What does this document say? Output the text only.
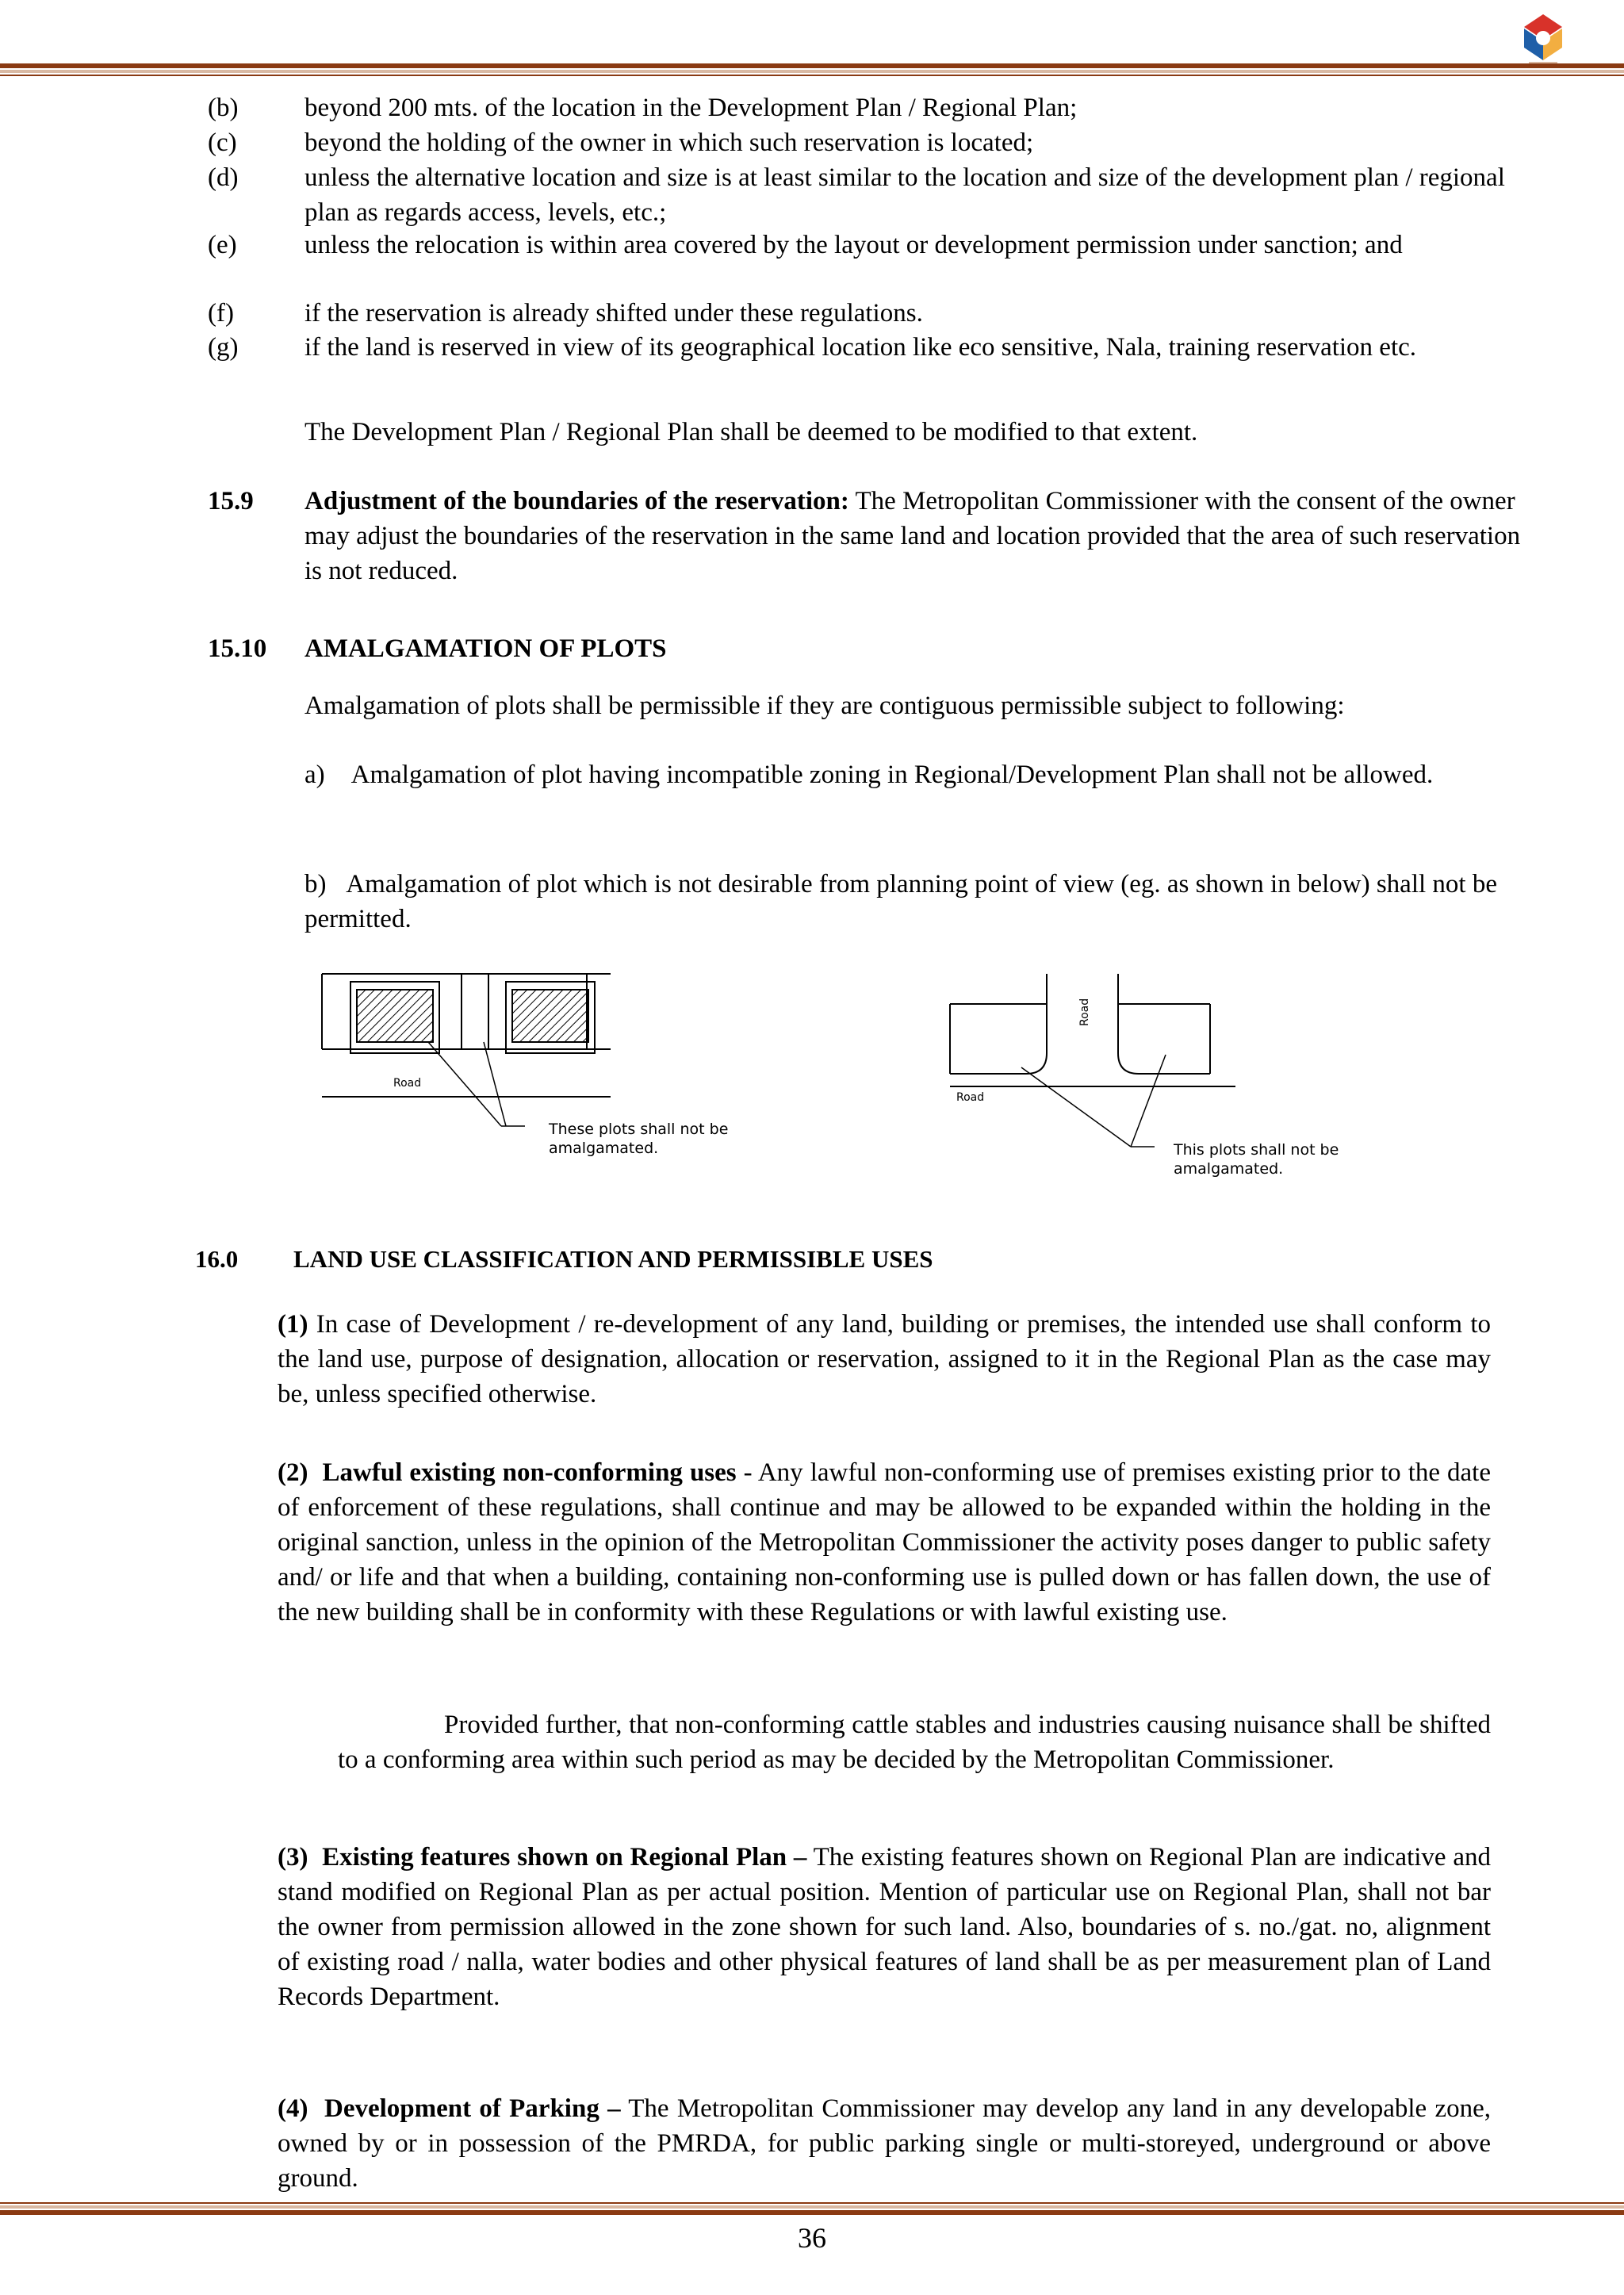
(b)	beyond 200 mts. of the location in the Development Plan / Regional Plan;
(c)	beyond the holding of the owner in which such reservation is located;
(d)	unless the alternative location and size is at least similar to the location and size of the development plan / regional plan as regards access, levels, etc.;
(e)	unless the relocation is within area covered by the layout or development permission under sanction; and
(f)	if the reservation is already shifted under these regulations.
(g)	if the land is reserved in view of its geographical location like eco sensitive, Nala, training reservation etc.
The Development Plan / Regional Plan shall be deemed to be modified to that extent.
15.9 Adjustment of the boundaries of the reservation: The Metropolitan Commissioner with the consent of the owner may adjust the boundaries of the reservation in the same land and location provided that the area of such reservation is not reduced.
15.10 AMALGAMATION OF PLOTS
Amalgamation of plots shall be permissible if they are contiguous permissible subject to following:
a)    Amalgamation of plot having incompatible zoning in Regional/Development Plan shall not be allowed.
b)   Amalgamation of plot which is not desirable from planning point of view (eg. as shown in below) shall not be permitted.
Road
These plots shall not be
amalgamated.
Road
Road
This plots shall not be
amalgamated.
16.0 LAND USE CLASSIFICATION AND PERMISSIBLE USES
(1) In case of Development / re-development of any land, building or premises, the intended use shall conform to the land use, purpose of designation, allocation or reservation, assigned to it in the Regional Plan as the case may be, unless specified otherwise.
(2) Lawful existing non-conforming uses - Any lawful non-conforming use of premises existing prior to the date of enforcement of these regulations, shall continue and may be allowed to be expanded within the holding in the original sanction, unless in the opinion of the Metropolitan Commissioner the activity poses danger to public safety and/ or life and that when a building, containing non-conforming use is pulled down or has fallen down, the use of the new building shall be in conformity with these Regulations or with lawful existing use.
Provided further, that non-conforming cattle stables and industries causing nuisance shall be shifted to a conforming area within such period as may be decided by the Metropolitan Commissioner.
(3) Existing features shown on Regional Plan – The existing features shown on Regional Plan are indicative and stand modified on Regional Plan as per actual position. Mention of particular use on Regional Plan, shall not bar the owner from permission allowed in the zone shown for such land. Also, boundaries of s. no./gat. no, alignment of existing road / nalla, water bodies and other physical features of land shall be as per measurement plan of Land Records Department.
(4) Development of Parking – The Metropolitan Commissioner may develop any land in any developable zone, owned by or in possession of the PMRDA, for public parking single or multi-storeyed, underground or above ground.
36
